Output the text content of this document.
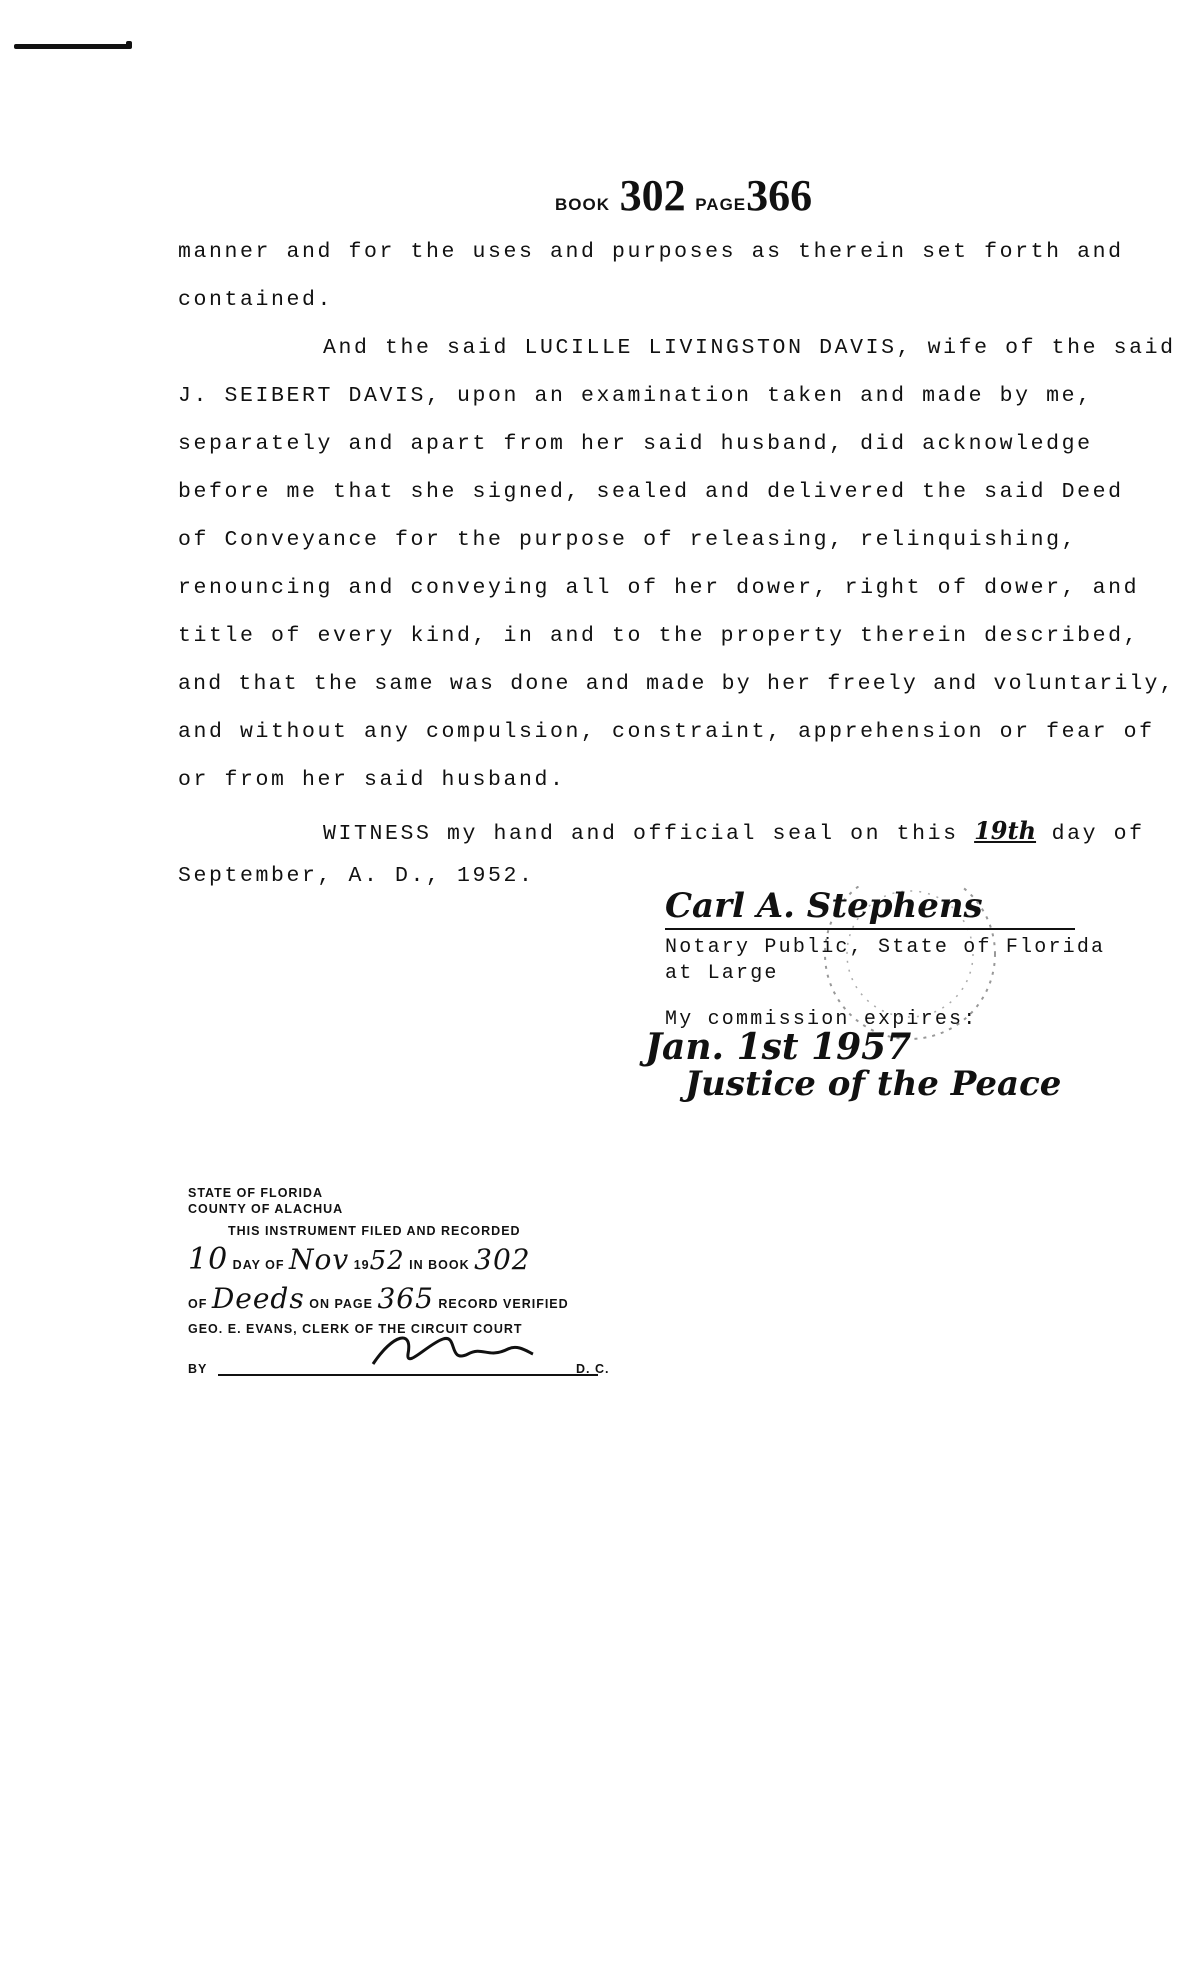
BOOK 302 PAGE366
manner and for the uses and purposes as therein set forth and
contained.
And the said LUCILLE LIVINGSTON DAVIS, wife of the said
J. SEIBERT DAVIS, upon an examination taken and made by me,
separately and apart from her said husband, did acknowledge
before me that she signed, sealed and delivered the said Deed
of Conveyance for the purpose of releasing, relinquishing,
renouncing and conveying all of her dower, right of dower, and
title of every kind, in and to the property therein described,
and that the same was done and made by her freely and voluntarily,
and without any compulsion, constraint, apprehension or fear of
or from her said husband.
WITNESS my hand and official seal on this 19th day of
September, A. D., 1952.
Carl A. Stephens
Notary Public, State of Florida
at Large
My commission expires:
Jan. 1st 1957
Justice of the Peace
STATE OF FLORIDA
COUNTY OF ALACHUA
THIS INSTRUMENT FILED AND RECORDED
10 DAY OF Nov 1952 IN BOOK 302
OF Deeds ON PAGE 365 RECORD VERIFIED
GEO. E. EVANS, CLERK OF THE CIRCUIT COURT
BY	D. C.
